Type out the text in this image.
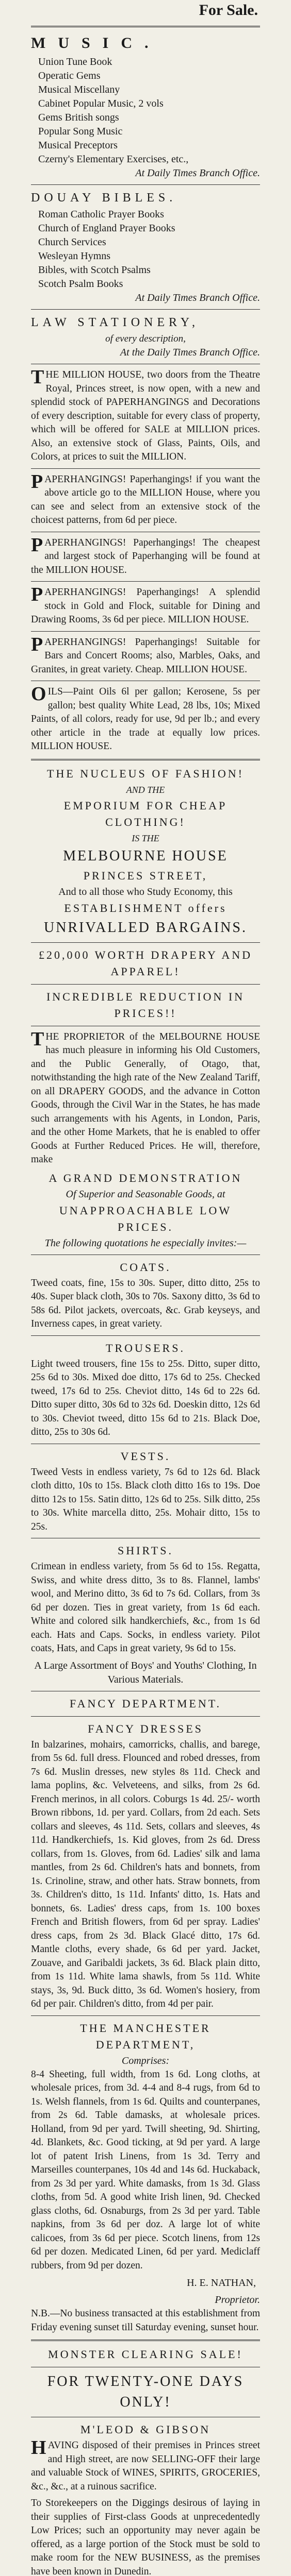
For Sale.
MUSIC.
Union Tune Book
Operatic Gems
Musical Miscellany
Cabinet Popular Music, 2 vols
Gems British songs
Popular Song Music
Musical Preceptors
Czerny's Elementary Exercises, etc.,
At Daily Times Branch Office.
DOUAY BIBLES.
Roman Catholic Prayer Books
Church of England Prayer Books
Church Services
Wesleyan Hymns
Bibles, with Scotch Psalms
Scotch Psalm Books
At Daily Times Branch Office.
LAW STATIONERY,
of every description,
At the Daily Times Branch Office.

THE MILLION HOUSE, two doors from the Theatre Royal, Princes street, is now open, with a new and splendid stock of PAPERHANGINGS and Decorations of every description, suitable for every class of property, which will be offered for SALE at MILLION prices. Also, an extensive stock of Glass, Paints, Oils, and Colors, at prices to suit the MILLION.

PAPERHANGINGS! Paperhangings! if you want the above article go to the MILLION House, where you can see and select from an extensive stock of the choicest patterns, from 6d per piece.

PAPERHANGINGS! Paperhangings! The cheapest and largest stock of Paperhanging will be found at the MILLION HOUSE.

PAPERHANGINGS! Paperhangings! A splendid stock in Gold and Flock, suitable for Dining and Drawing Rooms, 3s 6d per piece. MILLION HOUSE.

PAPERHANGINGS! Paperhangings! Suitable for Bars and Concert Rooms; also, Marbles, Oaks, and Granites, in great variety. Cheap. MILLION HOUSE.

OILS—Paint Oils 6l per gallon; Kerosene, 5s per gallon; best quality White Lead, 28 lbs, 10s; Mixed Paints, of all colors, ready for use, 9d per lb.; and every other article in the trade at equally low prices. MILLION HOUSE.

THE NUCLEUS OF FASHION!
AND THE
EMPORIUM FOR CHEAP CLOTHING!
IS THE
MELBOURNE HOUSE
PRINCES STREET,
And to all those who Study Economy, this
ESTABLISHMENT offers
UNRIVALLED BARGAINS.
£20,000 WORTH DRAPERY AND APPAREL!
INCREDIBLE REDUCTION IN PRICES!!

THE PROPRIETOR of the MELBOURNE HOUSE has much pleasure in informing his Old Customers, and the Public Generally, of Otago, that, notwithstanding the high rate of the New Zealand Tariff, on all DRAPERY GOODS, and the advance in Cotton Goods, through the Civil War in the States, he has made such arrangements with his Agents, in London, Paris, and the other Home Markets, that he is enabled to offer Goods at Further Reduced Prices. He will, therefore, make

A GRAND DEMONSTRATION
Of Superior and Seasonable Goods, at
UNAPPROACHABLE LOW PRICES.
The following quotations he especially invites:—
COATS.

Tweed coats, fine, 15s to 30s. Super, ditto ditto, 25s to 40s. Super black cloth, 30s to 70s. Saxony ditto, 3s 6d to 58s 6d. Pilot jackets, overcoats, &c. Grab keyseys, and Inverness capes, in great variety.

TROUSERS.

Light tweed trousers, fine 15s to 25s. Ditto, super ditto, 25s 6d to 30s. Mixed doe ditto, 17s 6d to 25s. Checked tweed, 17s 6d to 25s. Cheviot ditto, 14s 6d to 22s 6d. Ditto super ditto, 30s 6d to 32s 6d. Doeskin ditto, 12s 6d to 30s. Cheviot tweed, ditto 15s 6d to 21s. Black Doe, ditto, 25s to 30s 6d.

VESTS.

Tweed Vests in endless variety, 7s 6d to 12s 6d. Black cloth ditto, 10s to 15s. Black cloth ditto 16s to 19s. Doe ditto 12s to 15s. Satin ditto, 12s 6d to 25s. Silk ditto, 25s to 30s. White marcella ditto, 25s. Mohair ditto, 15s to 25s.

SHIRTS.

Crimean in endless variety, from 5s 6d to 15s. Regatta, Swiss, and white dress ditto, 3s to 8s. Flannel, lambs' wool, and Merino ditto, 3s 6d to 7s 6d. Collars, from 3s 6d per dozen. Ties in great variety, from 1s 6d each. White and colored silk handkerchiefs, &c., from 1s 6d each. Hats and Caps. Socks, in endless variety. Pilot coats, Hats, and Caps in great variety, 9s 6d to 15s.

A Large Assortment of Boys' and Youths' Clothing, In Various Materials.
FANCY DEPARTMENT.
FANCY DRESSES

In balzarines, mohairs, camorricks, challis, and barege, from 5s 6d. full dress. Flounced and robed dresses, from 7s 6d. Muslin dresses, new styles 8s 11d. Check and lama poplins, &c. Velveteens, and silks, from 2s 6d. French merinos, in all colors. Coburgs 1s 4d. 25/- worth Brown ribbons, 1d. per yard. Collars, from 2d each. Sets collars and sleeves, 4s 11d. Sets, collars and sleeves, 4s 11d. Handkerchiefs, 1s. Kid gloves, from 2s 6d. Dress collars, from 1s. Gloves, from 6d. Ladies' silk and lama mantles, from 2s 6d. Children's hats and bonnets, from 1s. Crinoline, straw, and other hats. Straw bonnets, from 3s. Children's ditto, 1s 11d. Infants' ditto, 1s. Hats and bonnets, 6s. Ladies' dress caps, from 1s. 100 boxes French and British flowers, from 6d per spray. Ladies' dress caps, from 2s 3d. Black Glacé ditto, 17s 6d. Mantle cloths, every shade, 6s 6d per yard. Jacket, Zouave, and Garibaldi jackets, 3s 6d. Black plain ditto, from 1s 11d. White lama shawls, from 5s 11d. White stays, 3s, 9d. Buck ditto, 3s 6d. Women's hosiery, from 6d per pair. Children's ditto, from 4d per pair.

THE MANCHESTER DEPARTMENT,
Comprises:

8-4 Sheeting, full width, from 1s 6d. Long cloths, at wholesale prices, from 3d. 4-4 and 8-4 rugs, from 6d to 1s. Welsh flannels, from 1s 6d. Quilts and counterpanes, from 2s 6d. Table damasks, at wholesale prices. Holland, from 9d per yard. Twill sheeting, 9d. Shirting, 4d. Blankets, &c. Good ticking, at 9d per yard. A large lot of patent Irish Linens, from 1s 3d. Terry and Marseilles counterpanes, 10s 4d and 14s 6d. Huckaback, from 2s 3d per yard. White damasks, from 1s 3d. Glass cloths, from 5d. A good white Irish linen, 9d. Checked glass cloths, 6d. Osnaburgs, from 2s 3d per yard. Table napkins, from 3s 6d per doz. A large lot of white calicoes, from 3s 6d per piece. Scotch linens, from 12s 6d per dozen. Medicated Linen, 6d per yard. Mediclaff rubbers, from 9d per dozen.

H. E. NATHAN,
Proprietor.

N.B.—No business transacted at this establishment from Friday evening sunset till Saturday evening, sunset hour.

MONSTER CLEARING SALE!
FOR TWENTY-ONE DAYS ONLY!
M'LEOD & GIBSON

HAVING disposed of their premises in Princes street and High street, are now SELLING-OFF their large and valuable Stock of WINES, SPIRITS, GROCERIES, &c., &c., at a ruinous sacrifice.

To Storekeepers on the Diggings desirous of laying in their supplies of First-class Goods at unprecedentedly Low Prices; such an opportunity may never again be offered, as a large portion of the Stock must be sold to make room for the NEW BUSINESS, as the premises have been known in Dunedin.
